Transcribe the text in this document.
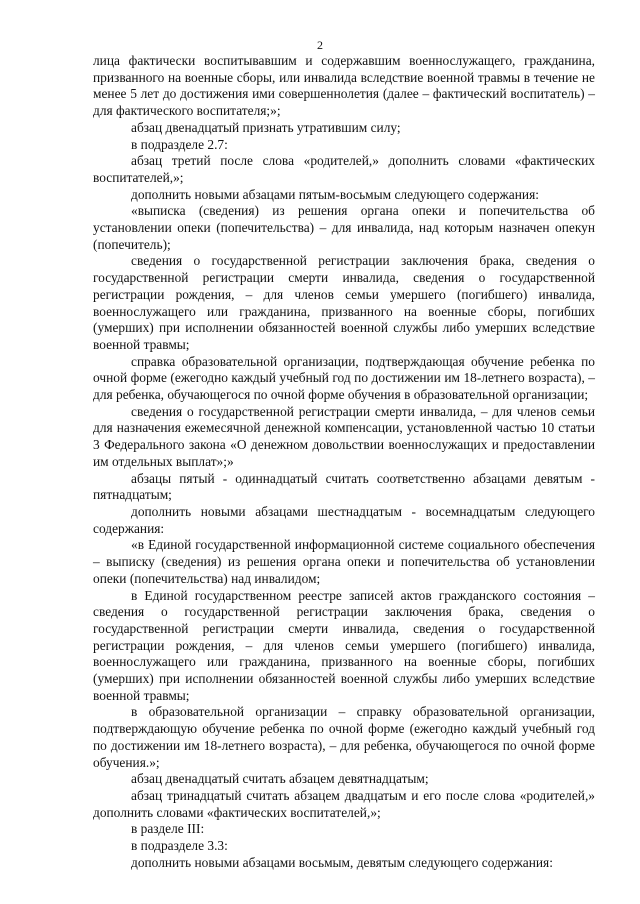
2

лица фактически воспитывавшим и содержавшим военнослужащего, гражданина, призванного на военные сборы, или инвалида вследствие военной травмы в течение не менее 5 лет до достижения ими совершеннолетия (далее – фактический воспитатель) – для фактического воспитателя;»;

абзац двенадцатый признать утратившим силу;

в подразделе 2.7:

абзац третий после слова «родителей,» дополнить словами «фактических воспитателей,»;

дополнить новыми абзацами пятым-восьмым следующего содержания:

«выписка (сведения) из решения органа опеки и попечительства об установлении опеки (попечительства) – для инвалида, над которым назначен опекун (попечитель);

сведения о государственной регистрации заключения брака, сведения о государственной регистрации смерти инвалида, сведения о государственной регистрации рождения, – для членов семьи умершего (погибшего) инвалида, военнослужащего или гражданина, призванного на военные сборы, погибших (умерших) при исполнении обязанностей военной службы либо умерших вследствие военной травмы;

справка образовательной организации, подтверждающая обучение ребенка по очной форме (ежегодно каждый учебный год по достижении им 18-летнего возраста), – для ребенка, обучающегося по очной форме обучения в образовательной организации;

сведения о государственной регистрации смерти инвалида, – для членов семьи для назначения ежемесячной денежной компенсации, установленной частью 10 статьи 3 Федерального закона «О денежном довольствии военнослужащих и предоставлении им отдельных выплат»;»

абзацы пятый - одиннадцатый считать соответственно абзацами девятым - пятнадцатым;

дополнить новыми абзацами шестнадцатым - восемнадцатым следующего содержания:

«в Единой государственной информационной системе социального обеспечения – выписку (сведения) из решения органа опеки и попечительства об установлении опеки (попечительства) над инвалидом;

в Единой государственном реестре записей актов гражданского состояния – сведения о государственной регистрации заключения брака, сведения о государственной регистрации смерти инвалида, сведения о государственной регистрации рождения, – для членов семьи умершего (погибшего) инвалида, военнослужащего или гражданина, призванного на военные сборы, погибших (умерших) при исполнении обязанностей военной службы либо умерших вследствие военной травмы;

в образовательной организации – справку образовательной организации, подтверждающую обучение ребенка по очной форме (ежегодно каждый учебный год по достижении им 18-летнего возраста), – для ребенка, обучающегося по очной форме обучения.»;

абзац двенадцатый считать абзацем девятнадцатым;

абзац тринадцатый считать абзацем двадцатым и его после слова «родителей,» дополнить словами «фактических воспитателей,»;

в разделе III:

в подразделе 3.3:

дополнить новыми абзацами восьмым, девятым следующего содержания:
